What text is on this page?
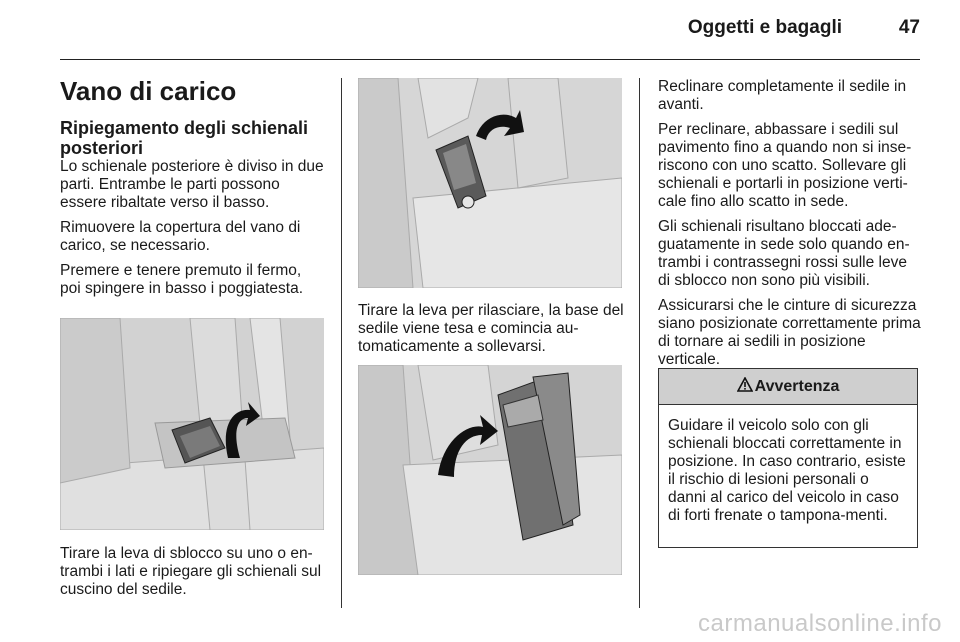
Oggetti e bagagli	47
Vano di carico
Ripiegamento degli schienali posteriori

Lo schienale posteriore è diviso in due parti. Entrambe le parti possono essere ribaltate verso il basso.

Rimuovere la copertura del vano di carico, se necessario.

Premere e tenere premuto il fermo, poi spingere in basso i poggiatesta.

Tirare la leva di sblocco su uno o en-trambi i lati e ripiegare gli schienali sul cuscino del sedile.

Tirare la leva per rilasciare, la base del sedile viene tesa e comincia au-tomaticamente a sollevarsi.

Reclinare completamente il sedile in avanti.

Per reclinare, abbassare i sedili sul pavimento fino a quando non si inse-riscono con uno scatto. Sollevare gli schienali e portarli in posizione verti-cale fino allo scatto in sede.

Gli schienali risultano bloccati ade-guatamente in sede solo quando en-trambi i contrassegni rossi sulle leve di sblocco non sono più visibili.

Assicurarsi che le cinture di sicurezza siano posizionate correttamente prima di tornare ai sedili in posizione verticale.

Avvertenza
Guidare il veicolo solo con gli schienali bloccati correttamente in posizione. In caso contrario, esiste il rischio di lesioni personali o danni al carico del veicolo in caso di forti frenate o tampona-menti.
carmanualsonline.info
